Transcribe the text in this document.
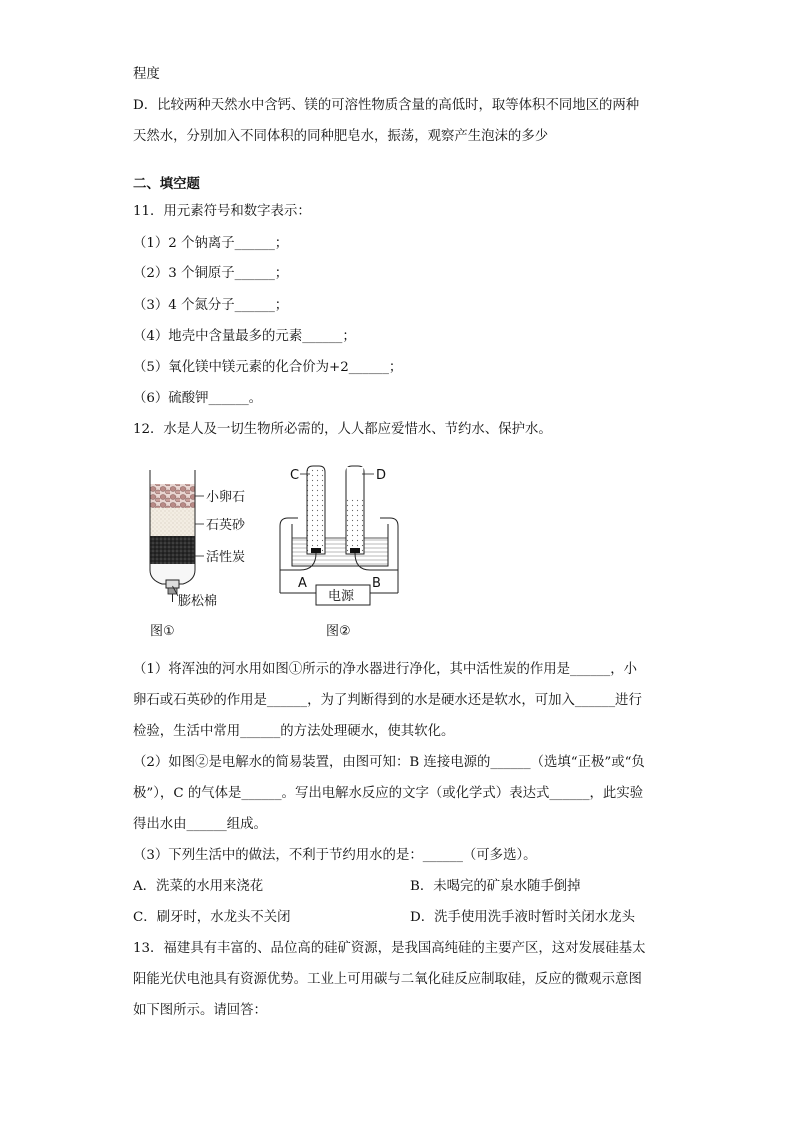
程度
D．比较两种天然水中含钙、镁的可溶性物质含量的高低时，取等体积不同地区的两种
天然水，分别加入不同体积的同种肥皂水，振荡，观察产生泡沫的多少
二、填空题
11．用元素符号和数字表示：
（1）2 个钠离子______；
（2）3 个铜原子______；
（3）4 个氮分子______；
（4）地壳中含量最多的元素______；
（5）氧化镁中镁元素的化合价为+2______；
（6）硫酸钾______。
12．水是人及一切生物所必需的，人人都应爱惜水、节约水、保护水。
小卵石
石英砂
活性炭
膨松棉
图①
电源
C	D
A	B
图②
（1）将浑浊的河水用如图①所示的净水器进行净化，其中活性炭的作用是______，小
卵石或石英砂的作用是______，为了判断得到的水是硬水还是软水，可加入______进行
检验，生活中常用______的方法处理硬水，使其软化。
（2）如图②是电解水的简易装置，由图可知：B 连接电源的______（选填“正极”或“负
极”），C 的气体是______。写出电解水反应的文字（或化学式）表达式______，此实验
得出水由______组成。
（3）下列生活中的做法，不利于节约用水的是：______（可多选）。
A．洗菜的水用来浇花	B．未喝完的矿泉水随手倒掉
C．刷牙时，水龙头不关闭	D．洗手使用洗手液时暂时关闭水龙头
13．福建具有丰富的、品位高的硅矿资源，是我国高纯硅的主要产区，这对发展硅基太
阳能光伏电池具有资源优势。工业上可用碳与二氧化硅反应制取硅，反应的微观示意图
如下图所示。请回答：
